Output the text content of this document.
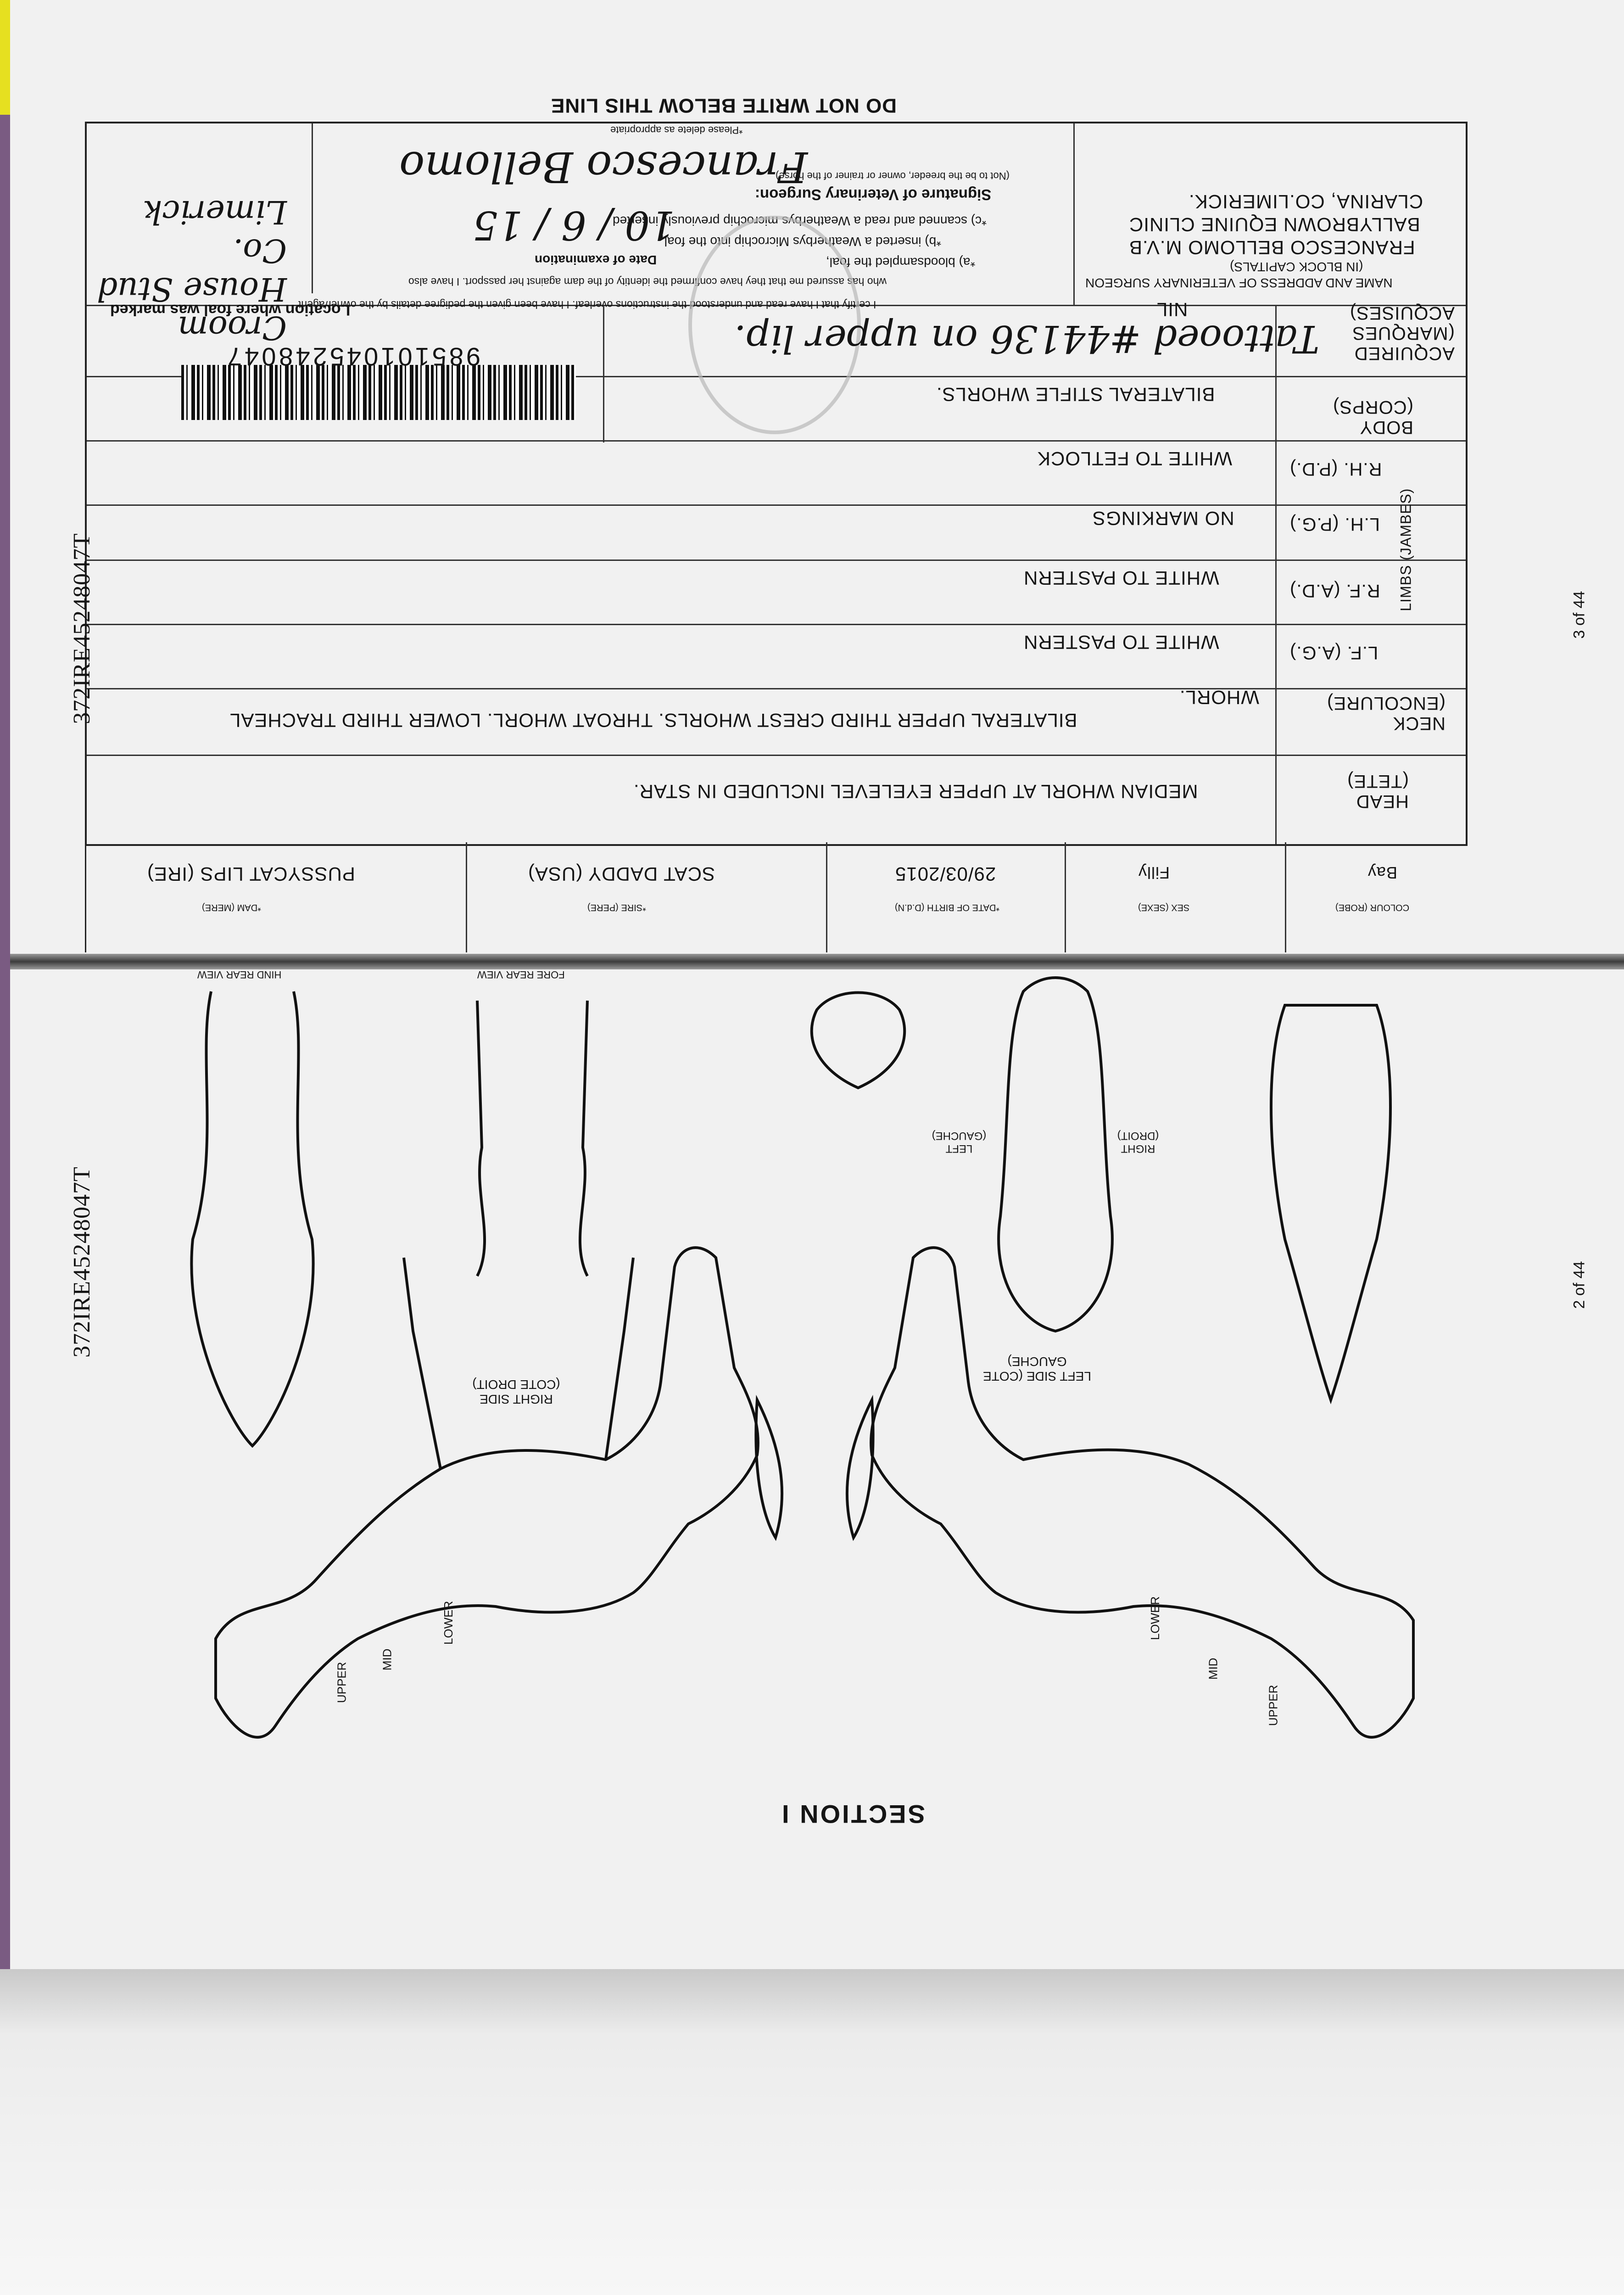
DO NOT WRITE BELOW THIS LINE
NAME AND ADDRESS OF VETERINARY SURGEON
(IN BLOCK CAPITALS)
FRANCESCO BELLOMO M.V.B
BALLYBROWN EQUINE CLINIC
CLARINA, CO.LIMERICK.
I certify that I have read and understood the instructions overleaf. I have been given the pedigree details by the owner/agent
who has assured me that they have confirmed the identity of the dam against her passport. I have also
*a) bloodsampled the foal,
*b) inserted a Weatherbys Microchip into the foal,
*c) scanned and read a Weatherbys microchip previously inserted
Date of examination
10 / 6 / 15
Signature of Veterinary Surgeon:
(Not to be the breeder, owner or trainer of the horse)
Francesco Bellomo
*Please delete as appropriate
Location where foal was marked
Croom House Stud Co. Limerick
985101045248047	ACQUIRED (MARQUES ACQUISES)
Tattooed #44136 on upper lip.
NIL
BODY (CORPS)
BILATERAL STIFLE WHORLS.
LIMBS (JAMBES)
R.H. (P.D.)
WHITE TO FETLOCK
L.H. (P.G.)
NO MARKINGS
R.F. (A.D.)
WHITE TO PASTERN
L.F. (A.G.)
WHITE TO PASTERN
NECK (ENCOLURE)
BILATERAL UPPER THIRD CREST WHORLS. THROAT WHORL. LOWER THIRD TRACHEAL
WHORL.
HEAD (TETE)
MEDIAN WHORL AT UPPER EYELEVEL INCLUDED IN STAR.
COLOUR (ROBE)
Bay
SEX (SEXE)
Filly
*DATE OF BIRTH (D.d.N)
29/03/2015
*SIRE (PERE)
SCAT DADDY (USA)
*DAM (MERE)
PUSSYCAT LIPS (IRE)
372IRE45248047T
372IRE45248047T
3 of 44
2 of 44
SECTION I
RIGHT SIDE (COTE DROIT)
LEFT SIDE (COTE GAUCHE)
FORE REAR VIEW
HIND REAR VIEW
LEFT (GAUCHE)
RIGHT (DROIT)
UPPER
MID
LOWER
UPPER
MID
LOWER
